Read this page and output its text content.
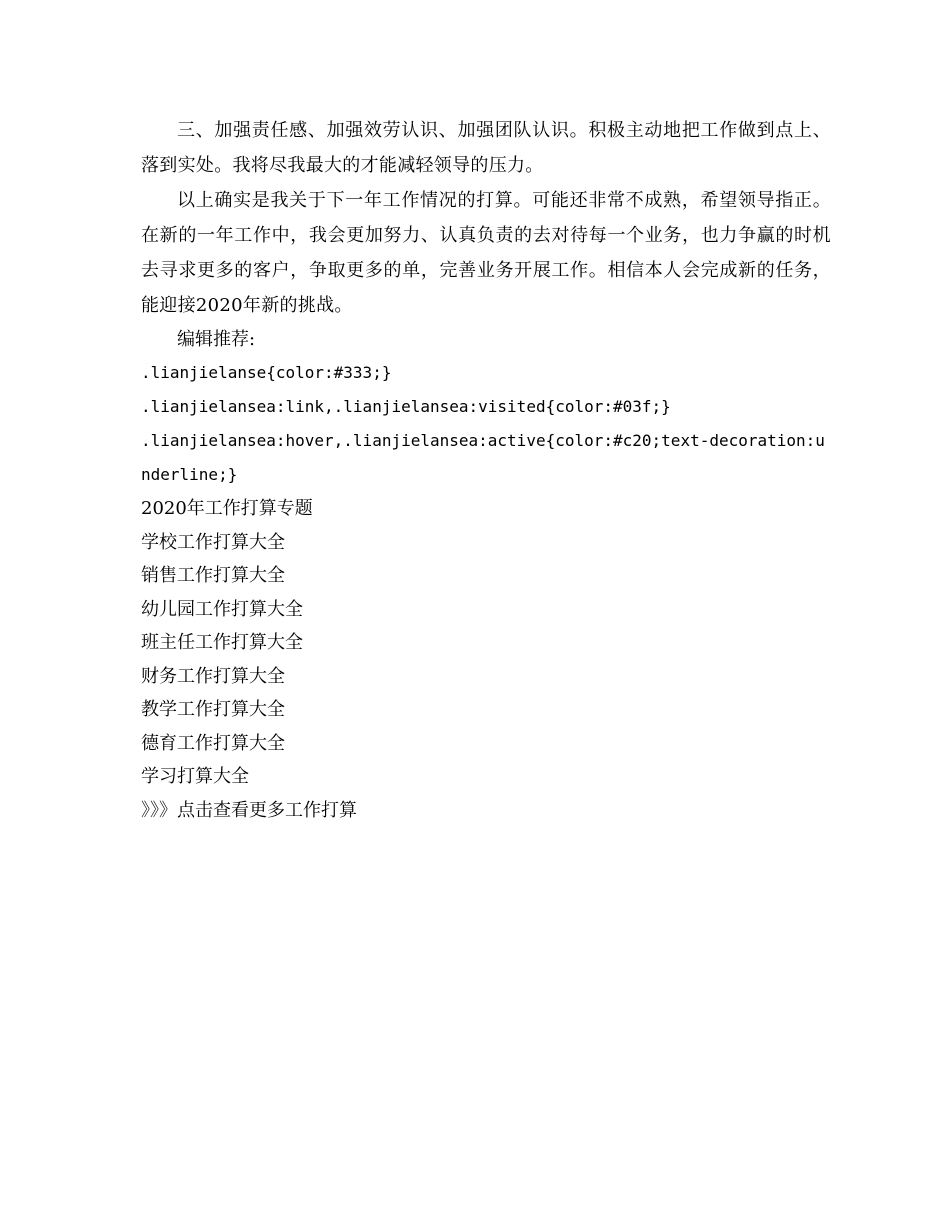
三、加强责任感、加强效劳认识、加强团队认识。积极主动地把工作做到点上、落到实处。我将尽我最大的才能减轻领导的压力。

以上确实是我关于下一年工作情况的打算。可能还非常不成熟，希望领导指正。在新的一年工作中，我会更加努力、认真负责的去对待每一个业务，也力争赢的时机去寻求更多的客户，争取更多的单，完善业务开展工作。相信本人会完成新的任务，能迎接2020年新的挑战。

编辑推荐:

.lianjielanse{color:#333;}

.lianjielansea:link,.lianjielansea:visited{color:#03f;}

.lianjielansea:hover,.lianjielansea:active{color:#c20;text-decoration:underline;}

2020年工作打算专题
学校工作打算大全
销售工作打算大全
幼儿园工作打算大全
班主任工作打算大全
财务工作打算大全
教学工作打算大全
德育工作打算大全
学习打算大全
》》》点击查看更多工作打算
